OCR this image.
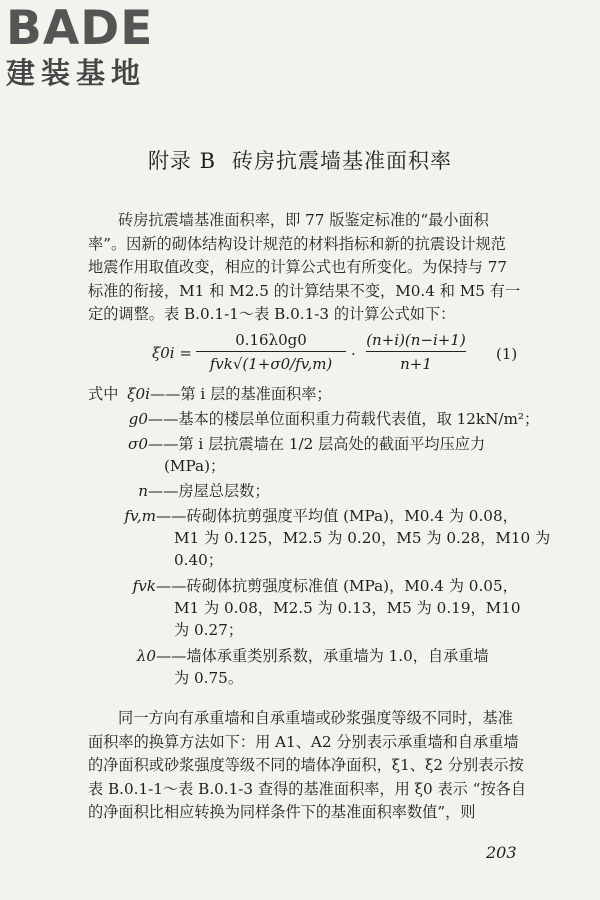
BADE
建装基地
附录 B 砖房抗震墙基准面积率
砖房抗震墙基准面积率，即 77 版鉴定标准的“最小面积
率”。因新的砌体结构设计规范的材料指标和新的抗震设计规范
地震作用取值改变，相应的计算公式也有所变化。为保持与 77
标准的衔接，M1 和 M2.5 的计算结果不变，M0.4 和 M5 有一
定的调整。表 B.0.1-1～表 B.0.1-3 的计算公式如下：
ξ0i =
0.16λ0g0
fvk√(1+σ0/fv,m)
·
(n+i)(n−i+1)
n+1
(1)
式中 ξ0i ——第 i 层的基准面积率；
g0 ——基本的楼层单位面积重力荷载代表值，取 12kN/m²；
σ0 ——第 i 层抗震墙在 1/2 层高处的截面平均压应力
(MPa)；
n ——房屋总层数；
fv,m ——砖砌体抗剪强度平均值 (MPa)，M0.4 为 0.08，
M1 为 0.125，M2.5 为 0.20，M5 为 0.28，M10 为
0.40；
fvk ——砖砌体抗剪强度标准值 (MPa)，M0.4 为 0.05，
M1 为 0.08，M2.5 为 0.13，M5 为 0.19，M10
为 0.27；
λ0 ——墙体承重类别系数，承重墙为 1.0，自承重墙
为 0.75。
同一方向有承重墙和自承重墙或砂浆强度等级不同时，基准
面积率的换算方法如下：用 A1、A2 分别表示承重墙和自承重墙
的净面积或砂浆强度等级不同的墙体净面积，ξ1、ξ2 分别表示按
表 B.0.1-1～表 B.0.1-3 查得的基准面积率，用 ξ0 表示 “按各自
的净面积比相应转换为同样条件下的基准面积率数值”，则
203
